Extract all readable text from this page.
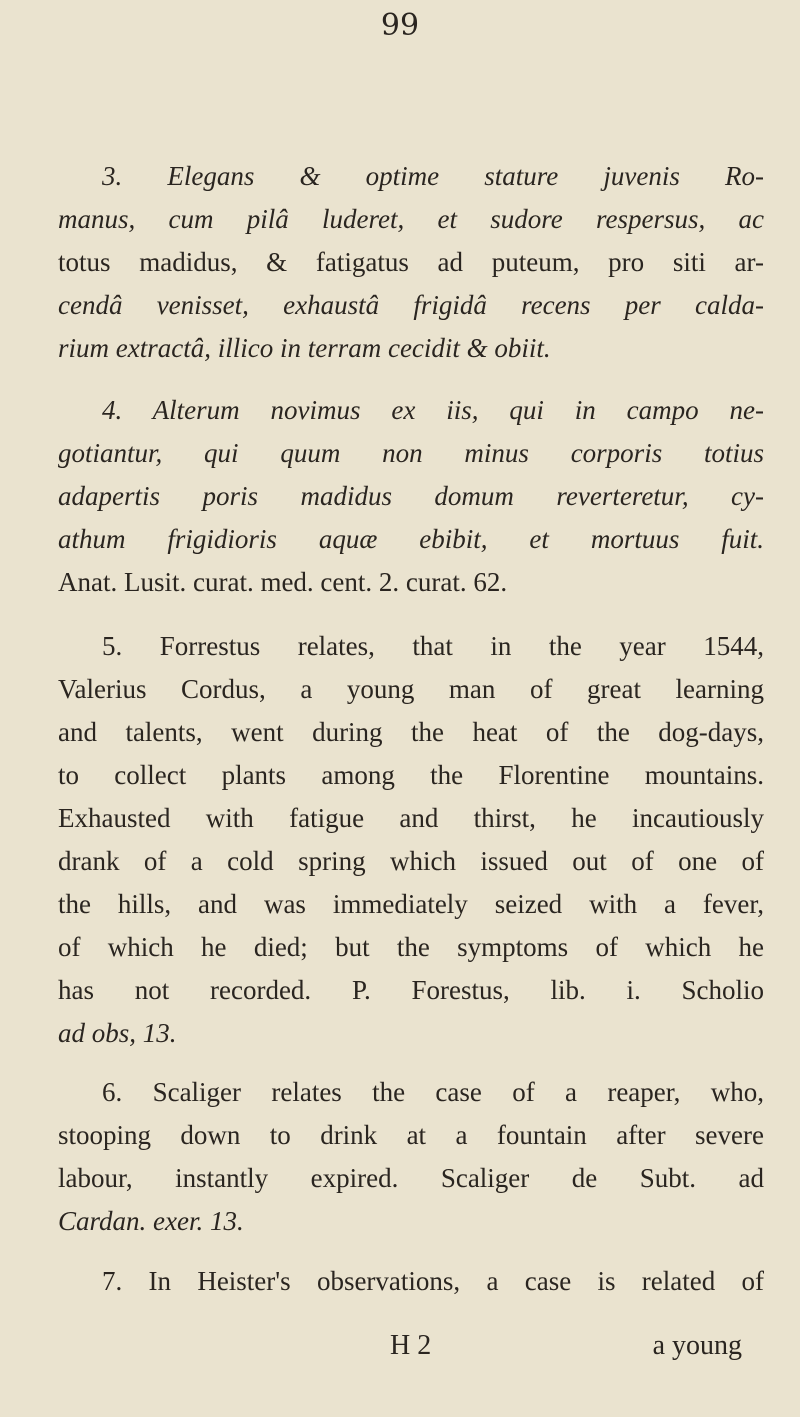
99
3. Elegans & optime stature juvenis Ro-
manus, cum pilâ luderet, et sudore respersus, ac
totus madidus, & fatigatus ad puteum, pro siti ar-
cendâ venisset, exhaustâ frigidâ recens per calda-
rium extractâ, illico in terram cecidit & obiit.
4. Alterum novimus ex iis, qui in campo ne-
gotiantur, qui quum non minus corporis totius
adapertis poris madidus domum reverteretur, cy-
athum frigidioris aquæ ebibit, et mortuus fuit.
Anat. Lusit. curat. med. cent. 2. curat. 62.
5. Forrestus relates, that in the year 1544,
Valerius Cordus, a young man of great learning
and talents, went during the heat of the dog-days,
to collect plants among the Florentine mountains.
Exhausted with fatigue and thirst, he incautiously
drank of a cold spring which issued out of one of
the hills, and was immediately seized with a fever,
of which he died; but the symptoms of which he
has not recorded. P. Forestus, lib. i. Scholio
ad obs, 13.
6. Scaliger relates the case of a reaper, who,
stooping down to drink at a fountain after severe
labour, instantly expired. Scaliger de Subt. ad
Cardan. exer. 13.
7. In Heister's observations, a case is related of
H 2	a young
